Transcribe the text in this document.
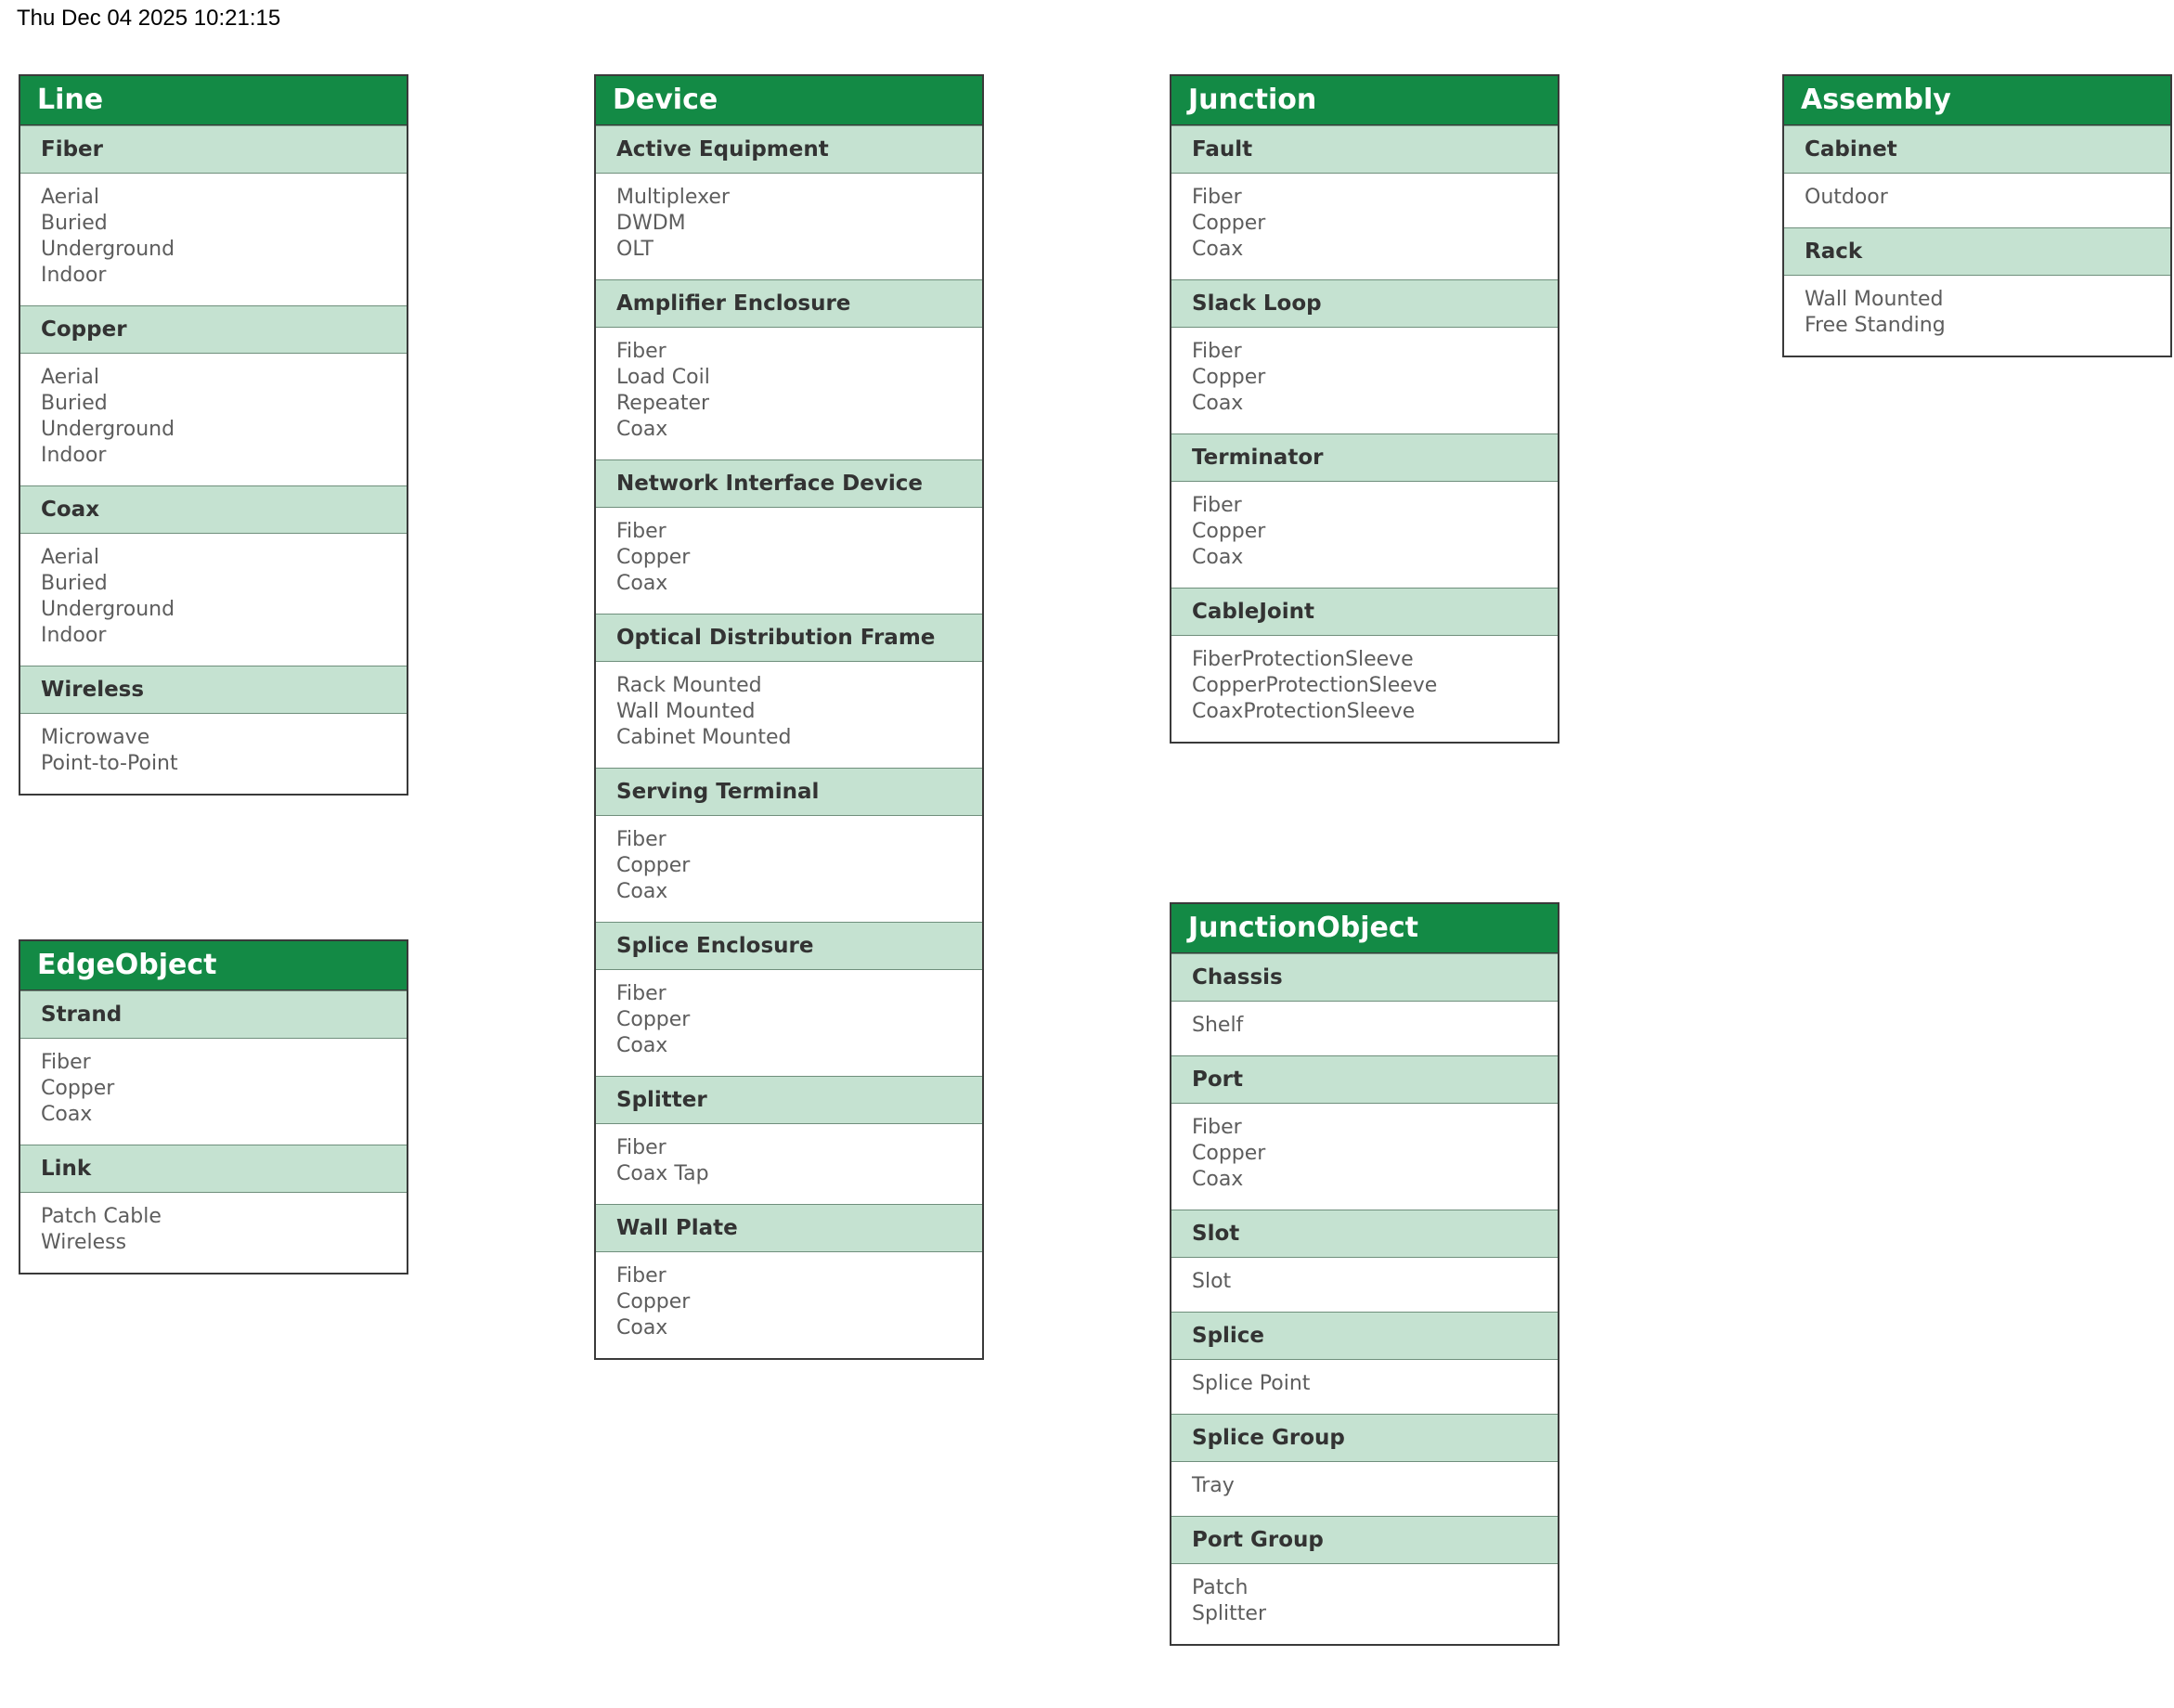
Thu Dec 04 2025 10:21:15
Line
Fiber
Aerial
Buried
Underground
Indoor
Copper
Aerial
Buried
Underground
Indoor
Coax
Aerial
Buried
Underground
Indoor
Wireless
Microwave
Point-to-Point
EdgeObject
Strand
Fiber
Copper
Coax
Link
Patch Cable
Wireless
Device
Active Equipment
Multiplexer
DWDM
OLT
Amplifier Enclosure
Fiber
Load Coil
Repeater
Coax
Network Interface Device
Fiber
Copper
Coax
Optical Distribution Frame
Rack Mounted
Wall Mounted
Cabinet Mounted
Serving Terminal
Fiber
Copper
Coax
Splice Enclosure
Fiber
Copper
Coax
Splitter
Fiber
Coax Tap
Wall Plate
Fiber
Copper
Coax
Junction
Fault
Fiber
Copper
Coax
Slack Loop
Fiber
Copper
Coax
Terminator
Fiber
Copper
Coax
CableJoint
FiberProtectionSleeve
CopperProtectionSleeve
CoaxProtectionSleeve
JunctionObject
Chassis
Shelf
Port
Fiber
Copper
Coax
Slot
Slot
Splice
Splice Point
Splice Group
Tray
Port Group
Patch
Splitter
Assembly
Cabinet
Outdoor
Rack
Wall Mounted
Free Standing
